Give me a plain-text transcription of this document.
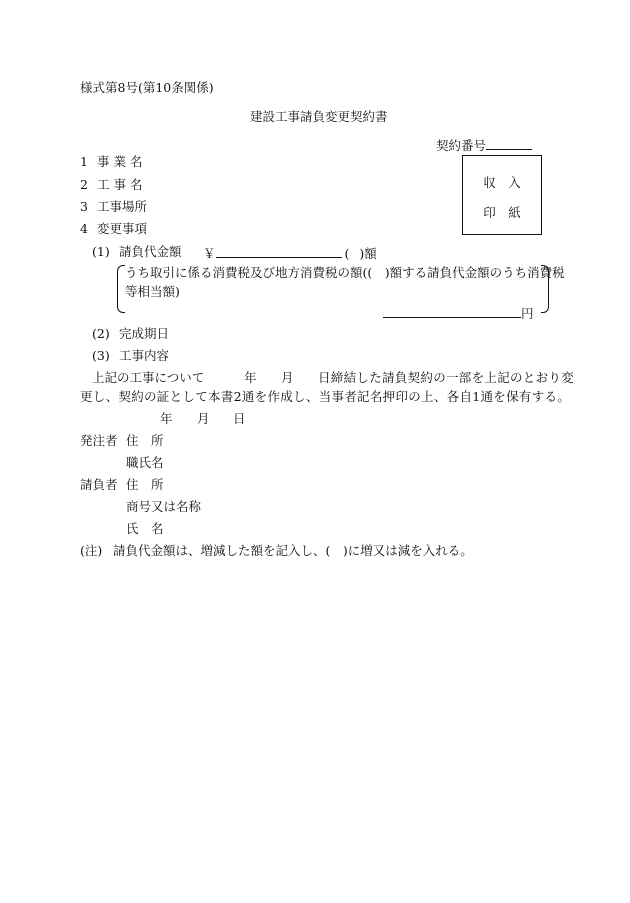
様式第8号(第10条関係)
建設工事請負変更契約書
契約番号
収　入
印　紙
1 事 業 名
2 工 事 名
3 工事場所
4 変更事項
(1) 請負代金額 ￥	( )額
うち取引に係る消費税及び地方消費税の額((　)額する請負代金額のうち消費税
等相当額)
円
(2) 完成期日
(3) 工事内容
上記の工事について	年 月 日締結した請負契約の一部を上記のとおり変
更し、契約の証として本書2通を作成し、当事者記名押印の上、各自1通を保有する。
年 月 日
発注者 住　所
職氏名
請負者 住　所
商号又は名称
氏　名
(注) 請負代金額は、増減した額を記入し、(　)に増又は減を入れる。
